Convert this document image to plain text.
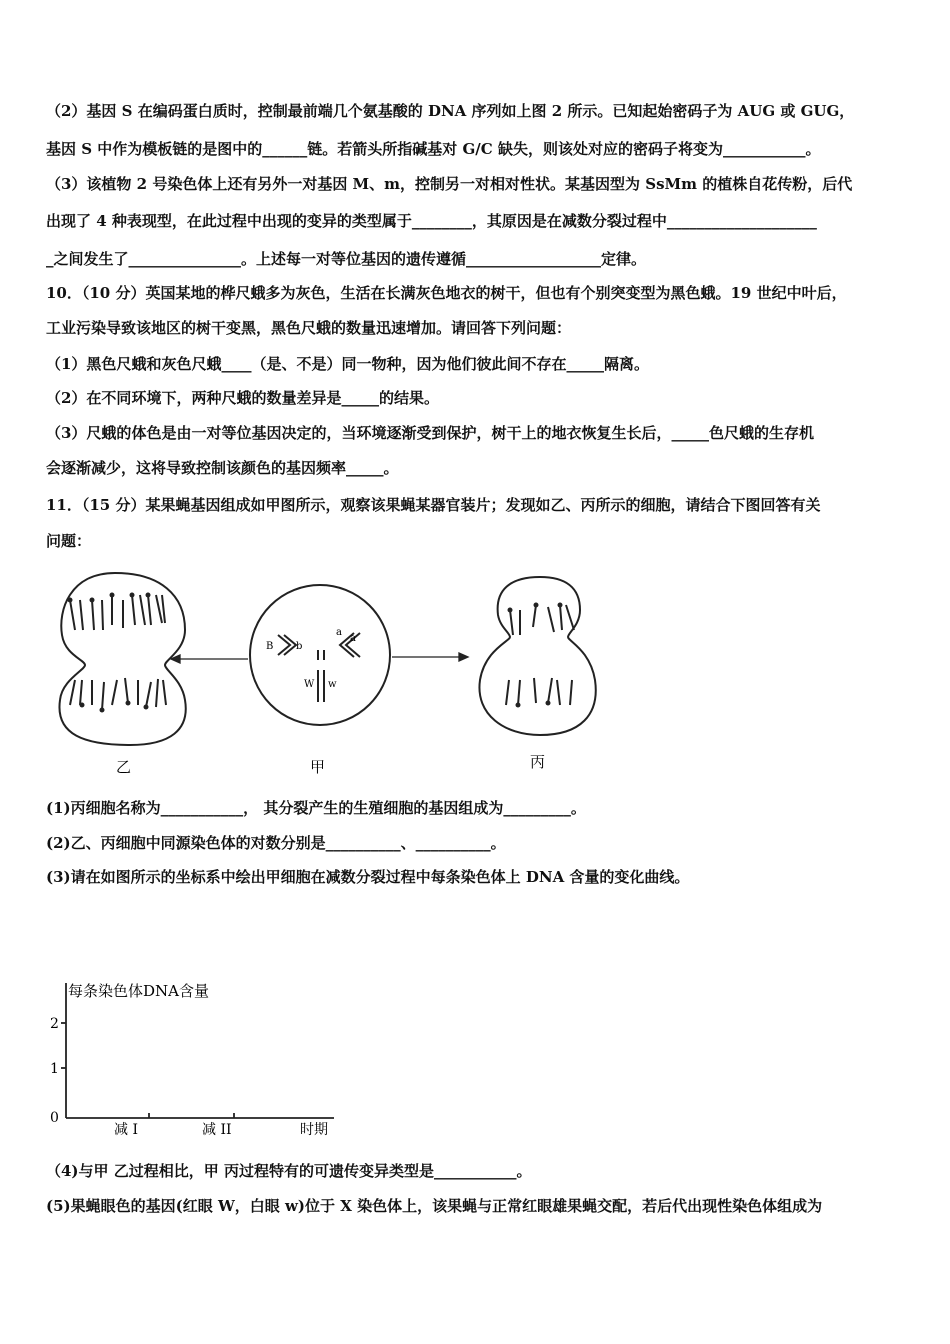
（2）基因 S 在编码蛋白质时，控制最前端几个氨基酸的 DNA 序列如上图 2 所示。已知起始密码子为 AUG 或 GUG，
基因 S 中作为模板链的是图中的______链。若箭头所指碱基对 G/C 缺失，则该处对应的密码子将变为___________。
（3）该植物 2 号染色体上还有另外一对基因 M、m，控制另一对相对性状。某基因型为 SsMm 的植株自花传粉，后代
出现了 4 种表现型，在此过程中出现的变异的类型属于________，其原因是在减数分裂过程中____________________
_之间发生了_______________。上述每一对等位基因的遗传遵循__________________定律。
10．（10 分）英国某地的桦尺蛾多为灰色，生活在长满灰色地衣的树干，但也有个别突变型为黑色蛾。19 世纪中叶后，
工业污染导致该地区的树干变黑，黑色尺蛾的数量迅速增加。请回答下列问题：
（1）黑色尺蛾和灰色尺蛾____（是、不是）同一物种，因为他们彼此间不存在_____隔离。
（2）在不同环境下，两种尺蛾的数量差异是_____的结果。
（3）尺蛾的体色是由一对等位基因决定的，当环境逐渐受到保护，树干上的地衣恢复生长后，_____色尺蛾的生存机
会逐渐减少，这将导致控制该颜色的基因频率_____。
11．（15 分）某果蝇基因组成如甲图所示，观察该果蝇某器官装片；发现如乙、丙所示的细胞，请结合下图回答有关
问题：
B b
a
a
W w
乙	甲	丙
(1)丙细胞名称为___________， 其分裂产生的生殖细胞的基因组成为_________。
(2)乙、丙细胞中同源染色体的对数分别是__________、__________。
(3)请在如图所示的坐标系中绘出甲细胞在减数分裂过程中每条染色体上 DNA 含量的变化曲线。
每条染色体DNA含量
2
1
0
减 I	减 II	时期
（4)与甲 乙过程相比，甲 丙过程特有的可遗传变异类型是___________。
(5)果蝇眼色的基因(红眼 W，白眼 w)位于 X 染色体上，该果蝇与正常红眼雄果蝇交配，若后代出现性染色体组成为
